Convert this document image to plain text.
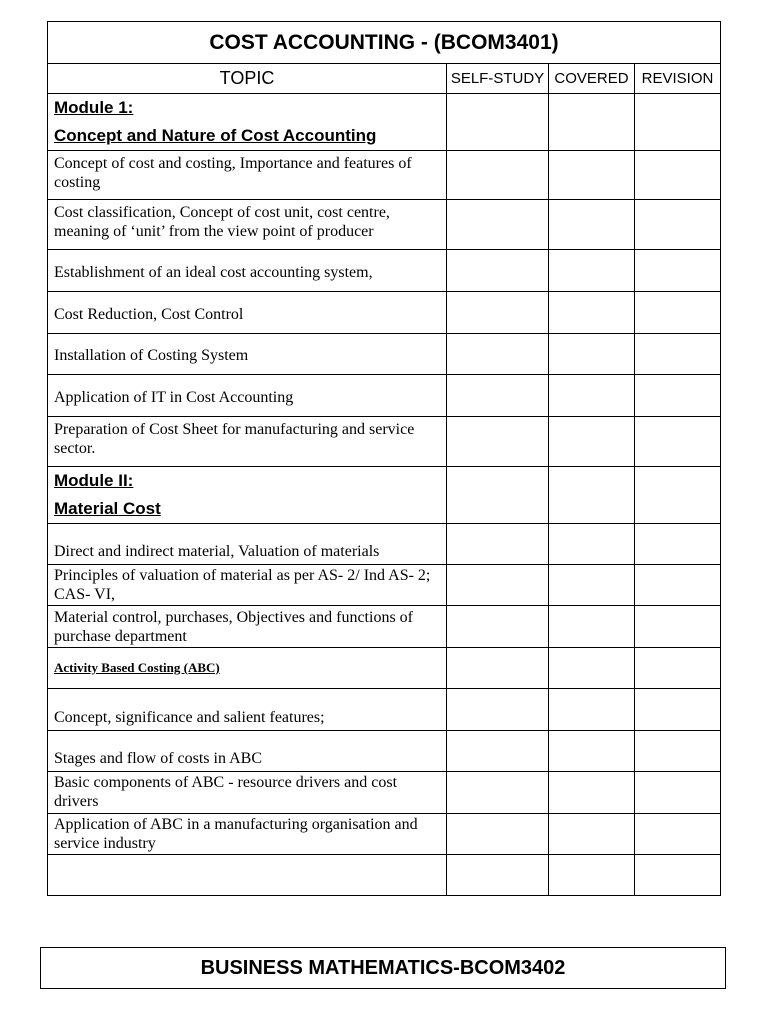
COST ACCOUNTING - (BCOM3401)			
TOPIC	SELF-STUDY	COVERED	REVISION

Module 1:
Concept and Nature of Cost Accounting			

Concept of cost and costing, Importance and features of costing			
Cost classification, Concept of cost unit, cost centre, meaning of ‘unit’ from the view point of producer			
Establishment of an ideal cost accounting system,			
Cost Reduction, Cost Control			
Installation of Costing System			
Application of IT in Cost Accounting			
Preparation of Cost Sheet for manufacturing and service sector.			

Module II:
Material Cost			

Direct and indirect material, Valuation of materials			
Principles of valuation of material as per AS- 2/ Ind AS- 2; CAS- VI,			
Material control, purchases, Objectives and functions of purchase department			
Activity Based Costing (ABC)			
Concept, significance and salient features;			
Stages and flow of costs in ABC			
Basic components of ABC - resource drivers and cost drivers			
Application of ABC in a manufacturing organisation and service industry			

BUSINESS MATHEMATICS-BCOM3402
